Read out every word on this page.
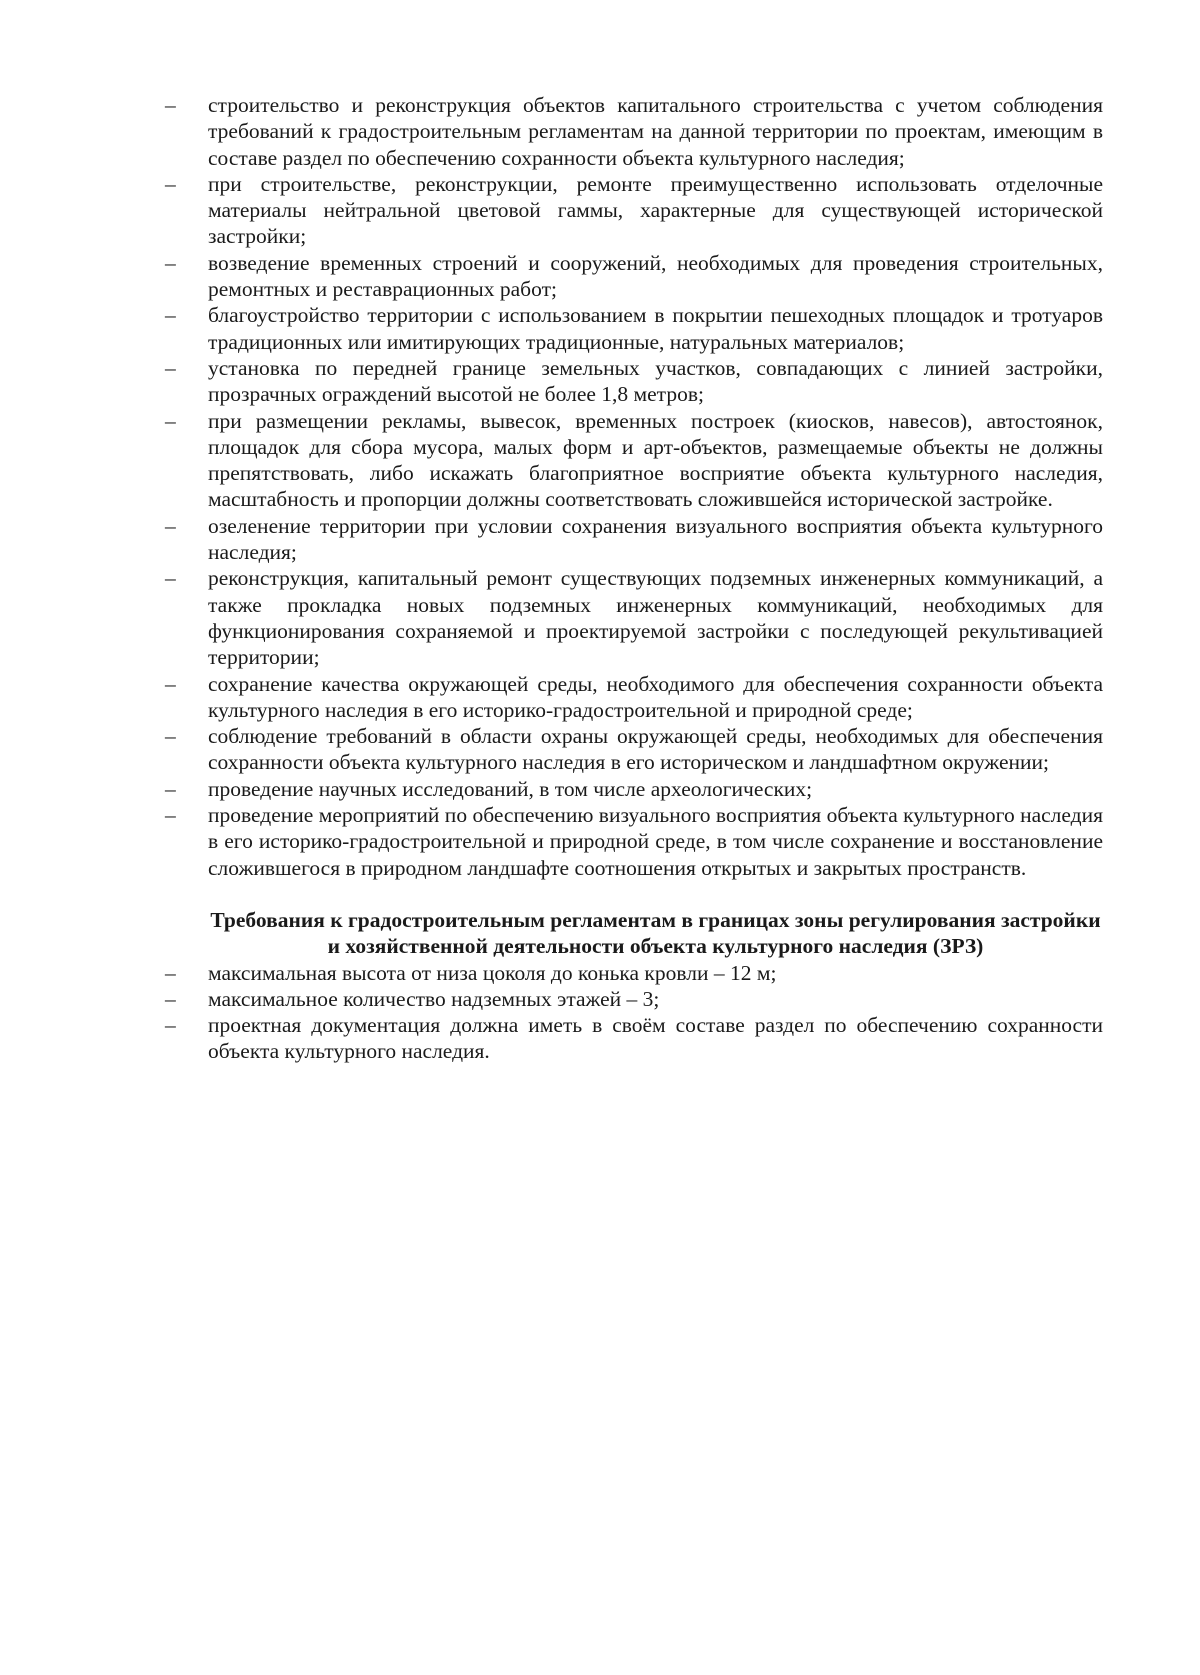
–	строительство и реконструкция объектов капитального строительства с учетом соблюдения требований к градостроительным регламентам на данной территории по проектам, имеющим в составе раздел по обеспечению сохранности объекта культурного наследия;
–	при строительстве, реконструкции, ремонте преимущественно использовать отделочные материалы нейтральной цветовой гаммы, характерные для существующей исторической застройки;
–	возведение временных строений и сооружений, необходимых для проведения строительных, ремонтных и реставрационных работ;
–	благоустройство территории с использованием в покрытии пешеходных площадок и тротуаров традиционных или имитирующих традиционные, натуральных материалов;
–	установка по передней границе земельных участков, совпадающих с линией застройки, прозрачных ограждений высотой не более 1,8 метров;
–	при размещении рекламы, вывесок, временных построек (киосков, навесов), автостоянок, площадок для сбора мусора, малых форм и арт-объектов, размещаемые объекты не должны препятствовать, либо искажать благоприятное восприятие объекта культурного наследия, масштабность и пропорции должны соответствовать сложившейся исторической застройке.
–	озеленение территории при условии сохранения визуального восприятия объекта культурного наследия;
–	реконструкция, капитальный ремонт существующих подземных инженерных коммуникаций, а также прокладка новых подземных инженерных коммуникаций, необходимых для функционирования сохраняемой и проектируемой застройки с последующей рекультивацией территории;
–	сохранение качества окружающей среды, необходимого для обеспечения сохранности объекта культурного наследия в его историко-градостроительной и природной среде;
–	соблюдение требований в области охраны окружающей среды, необходимых для обеспечения сохранности объекта культурного наследия в его историческом и ландшафтном окружении;
–	проведение научных исследований, в том числе археологических;
–	проведение мероприятий по обеспечению визуального восприятия объекта культурного наследия в его историко-градостроительной и природной среде, в том числе сохранение и восстановление сложившегося в природном ландшафте соотношения открытых и закрытых пространств.
Требования к градостроительным регламентам в границах зоны регулирования застройки и хозяйственной деятельности объекта культурного наследия (ЗРЗ)
–	максимальная высота от низа цоколя до конька кровли – 12 м;
–	максимальное количество надземных этажей – 3;
–	проектная документация должна иметь в своём составе раздел по обеспечению сохранности объекта культурного наследия.
